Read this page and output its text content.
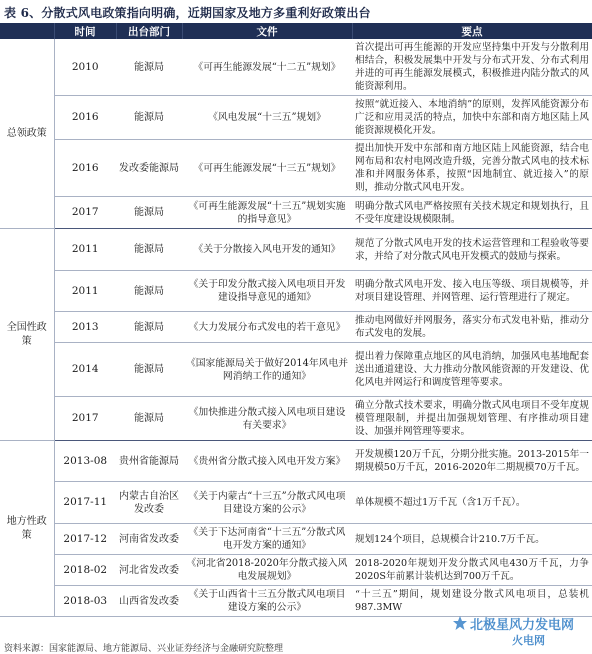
表 6、分散式风电政策指向明确，近期国家及地方多重利好政策出台
	时间	出台部门	文件	要点
总领政策	2010	能源局	《可再生能源发展“十二五”规划》	首次提出可再生能源的开发应坚持集中开发与分散利用相结合，积极发展集中开发与分布式开发、分布式利用并进的可再生能源发展模式，积极推进内陆分散式的风能资源利用。
	2016	能源局	《风电发展“十三五”规划》	按照“就近接入、本地消纳”的原则，发挥风能资源分布广泛和应用灵活的特点，加快中东部和南方地区陆上风能资源规模化开发。
	2016	发改委能源局	《可再生能源发展“十三五”规划》	提出加快开发中东部和南方地区陆上风能资源，结合电网布局和农村电网改造升级，完善分散式风电的技术标准和并网服务体系，按照“因地制宜、就近接入”的原则，推动分散式风电开发。
	2017	能源局	《可再生能源发展“十三五”规划实施的指导意见》	明确分散式风电严格按照有关技术规定和规划执行，且不受年度建设规模限制。
全国性政策	2011	能源局	《关于分散接入风电开发的通知》	规范了分散式风电开发的技术运营管理和工程验收等要求，并给了对分散式风电开发模式的鼓励与探索。
	2011	能源局	《关于印发分散式接入风电项目开发建设指导意见的通知》	明确分散式风电开发、接入电压等级、项目规模等，并对项目建设管理、并网管理、运行管理进行了规定。
	2013	能源局	《大力发展分布式发电的若干意见》	推动电网做好并网服务，落实分布式发电补贴，推动分布式发电的发展。
	2014	能源局	《国家能源局关于做好2014年风电并网消纳工作的通知》	提出着力保障重点地区的风电消纳，加强风电基地配套送出通道建设、大力推动分散风能资源的开发建设、优化风电并网运行和调度管理等要求。
	2017	能源局	《加快推进分散式接入风电项目建设有关要求》	确立分散式技术要求，明确分散式风电项目不受年度规模管理限制，并提出加强规划管理、有序推动项目建设、加强并网管理等要求。
地方性政策	2013-08	贵州省能源局	《贵州省分散式接入风电开发方案》	开发规模120万千瓦，分期分批实施。2013-2015年一期规模50万千瓦，2016-2020年二期规模70万千瓦。
	2017-11	内蒙古自治区发改委	《关于内蒙古“十三五”分散式风电项目建设方案的公示》	单体规模不超过1万千瓦（含1万千瓦）。
	2017-12	河南省发改委	《关于下达河南省“十三五”分散式风电开发方案的通知》	规划124个项目，总规模合计210.7万千瓦。
	2018-02	河北省发改委	《河北省2018-2020年分散式接入风电发展规划》	2018-2020年规划开发分散式风电430万千瓦，力争2020S年前累计装机达到700万千瓦。
	2018-03	山西省发改委	《关于山西省十三五分散式风电项目建设方案的公示》	“十三五”期间，规划建设分散式风电项目，总装机987.3MW
资料来源：国家能源局、地方能源局、兴业证券经济与金融研究院整理
北极星风力发电网
火电网
